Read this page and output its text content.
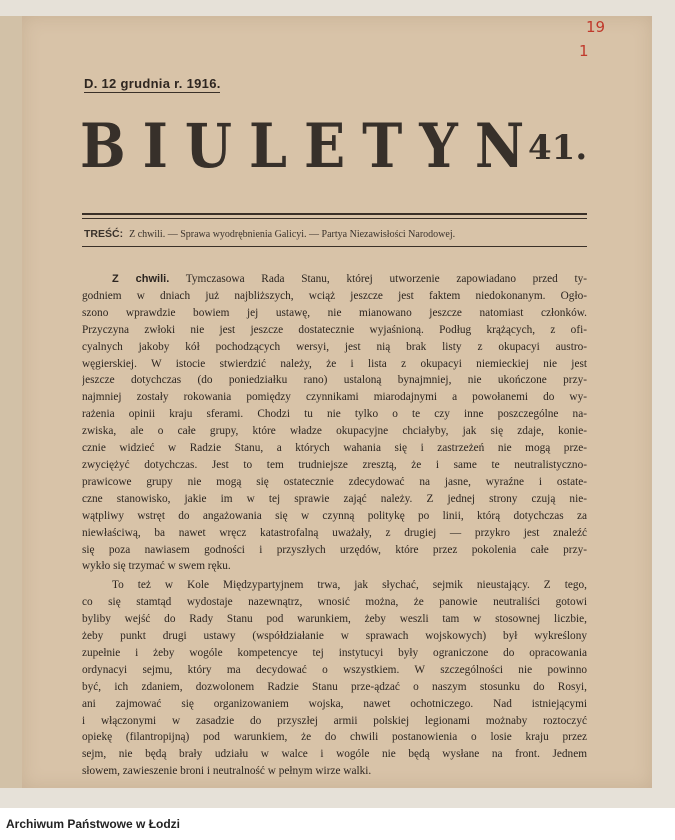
19
1
D. 12 grudnia r. 1916.
BIULETYN
41.
TREŚĆ: Z chwili. — Sprawa wyodrębnienia Galicyi. — Partya Niezawisłości Narodowej.

Z chwili. Tymczasowa Rada Stanu, której utworzenie zapowiadano przed ty-
godniem w dniach już najbliższych, wciąż jeszcze jest faktem niedokonanym. Ogło-
szono wprawdzie bowiem jej ustawę, nie mianowano jeszcze natomiast członków.
Przyczyna zwłoki nie jest jeszcze dostatecznie wyjaśnioną. Podług krążących, z ofi-
cyalnych jakoby kół pochodzących wersyi, jest nią brak listy z okupacyi austro-
węgierskiej. W istocie stwierdzić należy, że i lista z okupacyi niemieckiej nie jest
jeszcze dotychczas (do poniedziałku rano) ustaloną bynajmniej, nie ukończone przy-
najmniej zostały rokowania pomiędzy czynnikami miarodajnymi a powołanemi do wy-
rażenia opinii kraju sferami. Chodzi tu nie tylko o te czy inne poszczególne na-
zwiska, ale o całe grupy, które władze okupacyjne chciałyby, jak się zdaje, konie-
cznie widzieć w Radzie Stanu, a których wahania się i zastrzeżeń nie mogą prze-
zwyciężyć dotychczas. Jest to tem trudniejsze zresztą, że i same te neutralistyczno-
prawicowe grupy nie mogą się ostatecznie zdecydować na jasne, wyraźne i ostate-
czne stanowisko, jakie im w tej sprawie zająć należy. Z jednej strony czują nie-
wątpliwy wstręt do angażowania się w czynną politykę po linii, którą dotychczas za
niewłaściwą, ba nawet wręcz katastrofalną uważały, z drugiej — przykro jest znaleźć
się poza nawiasem godności i przyszłych urzędów, które przez pokolenia całe przy-
wykło się trzymać w swem ręku.

To też w Kole Międzypartyjnem trwa, jak słychać, sejmik nieustający. Z tego,
co się stamtąd wydostaje nazewnątrz, wnosić można, że panowie neutraliści gotowi
byliby wejść do Rady Stanu pod warunkiem, żeby weszli tam w stosownej liczbie,
żeby punkt drugi ustawy (współdziałanie w sprawach wojskowych) był wykreślony
zupełnie i żeby wogóle kompetencye tej instytucyi były ograniczone do opracowania
ordynacyi sejmu, który ma decydować o wszystkiem. W szczególności nie powinno
być, ich zdaniem, dozwolonem Radzie Stanu prze-ądzać o naszym stosunku do Rosyi,
ani zajmować się organizowaniem wojska, nawet ochotniczego. Nad istniejącymi
i włączonymi w zasadzie do przyszłej armii polskiej legionami możnaby roztoczyć
opiekę (filantropijną) pod warunkiem, że do chwili postanowienia o losie kraju przez
sejm, nie będą brały udziału w walce i wogóle nie będą wysłane na front. Jednem
słowem, zawieszenie broni i neutralność w pełnym wirze walki.

Archiwum Państwowe w Łodzi
